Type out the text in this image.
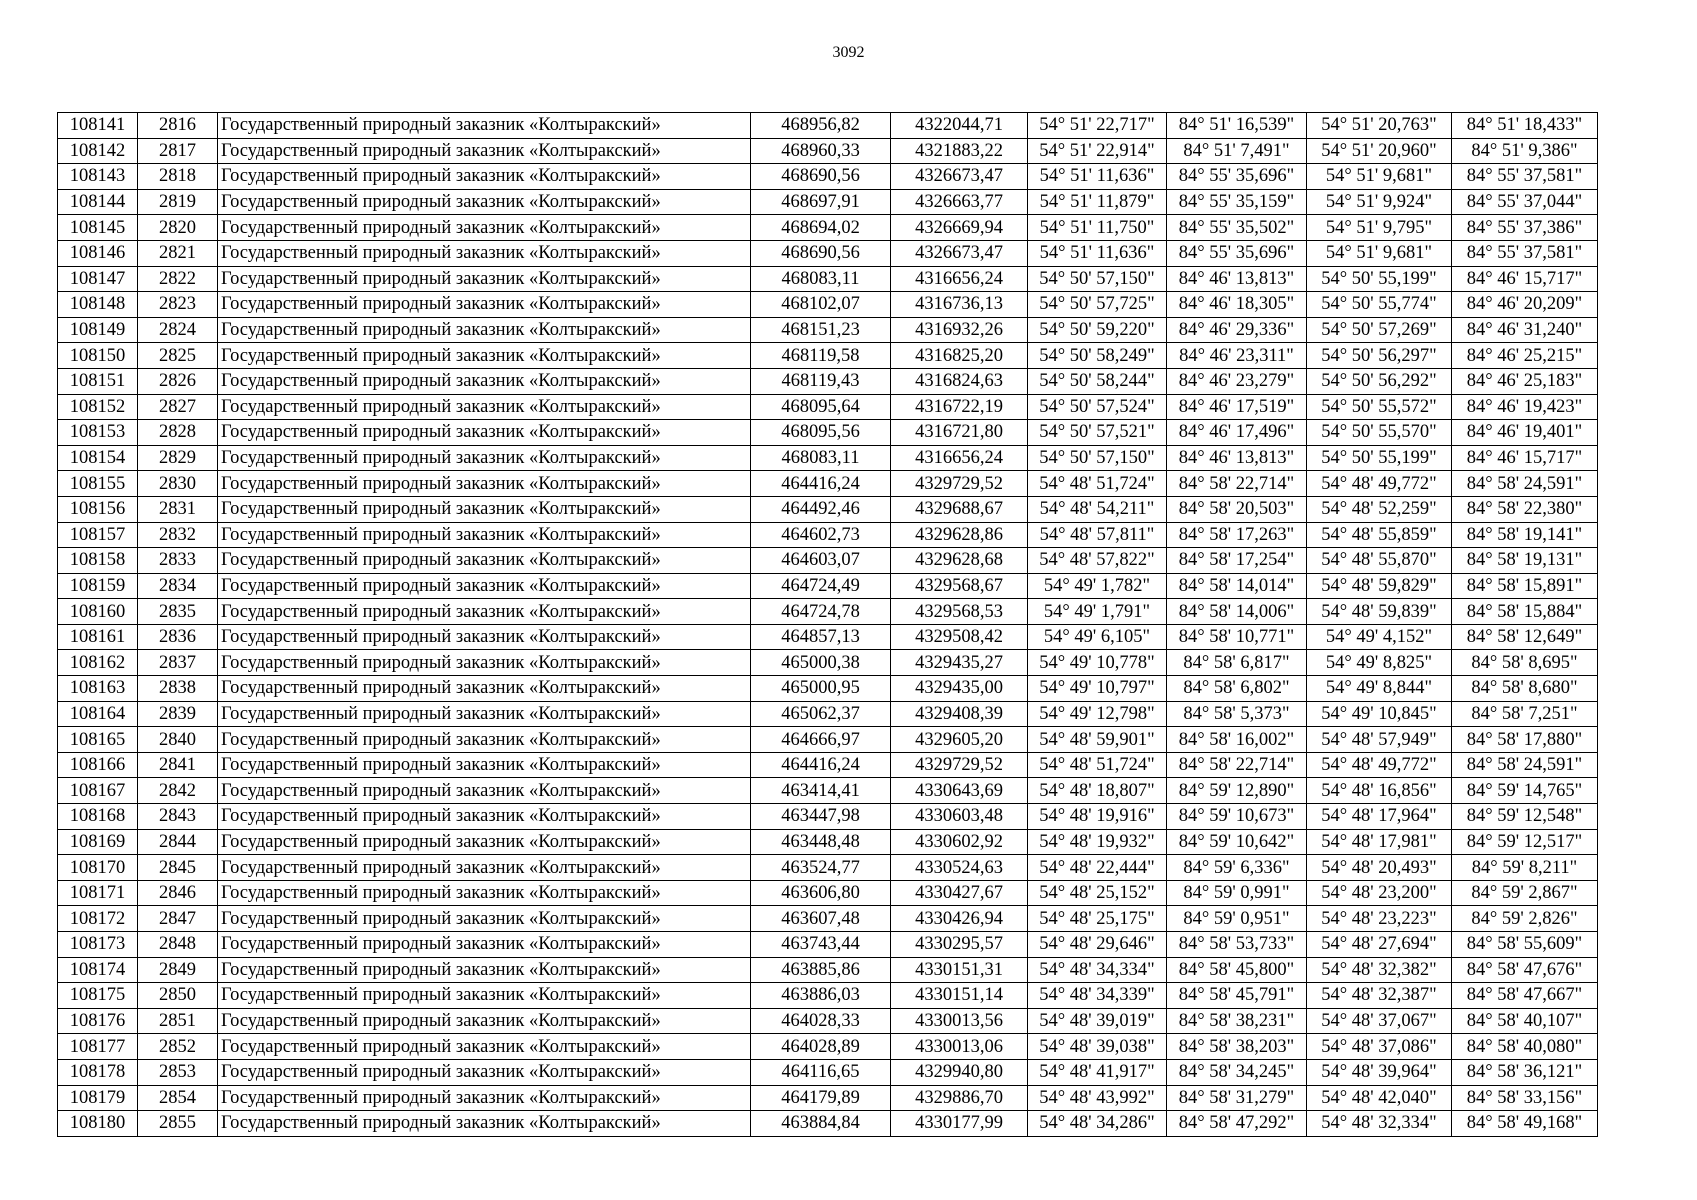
3092
108141	2816	Государственный природный заказник «Колтыракский»	468956,82	4322044,71	54° 51' 22,717"	84° 51' 16,539"	54° 51' 20,763"	84° 51' 18,433"
108142	2817	Государственный природный заказник «Колтыракский»	468960,33	4321883,22	54° 51' 22,914"	84° 51' 7,491"	54° 51' 20,960"	84° 51' 9,386"
108143	2818	Государственный природный заказник «Колтыракский»	468690,56	4326673,47	54° 51' 11,636"	84° 55' 35,696"	54° 51' 9,681"	84° 55' 37,581"
108144	2819	Государственный природный заказник «Колтыракский»	468697,91	4326663,77	54° 51' 11,879"	84° 55' 35,159"	54° 51' 9,924"	84° 55' 37,044"
108145	2820	Государственный природный заказник «Колтыракский»	468694,02	4326669,94	54° 51' 11,750"	84° 55' 35,502"	54° 51' 9,795"	84° 55' 37,386"
108146	2821	Государственный природный заказник «Колтыракский»	468690,56	4326673,47	54° 51' 11,636"	84° 55' 35,696"	54° 51' 9,681"	84° 55' 37,581"
108147	2822	Государственный природный заказник «Колтыракский»	468083,11	4316656,24	54° 50' 57,150"	84° 46' 13,813"	54° 50' 55,199"	84° 46' 15,717"
108148	2823	Государственный природный заказник «Колтыракский»	468102,07	4316736,13	54° 50' 57,725"	84° 46' 18,305"	54° 50' 55,774"	84° 46' 20,209"
108149	2824	Государственный природный заказник «Колтыракский»	468151,23	4316932,26	54° 50' 59,220"	84° 46' 29,336"	54° 50' 57,269"	84° 46' 31,240"
108150	2825	Государственный природный заказник «Колтыракский»	468119,58	4316825,20	54° 50' 58,249"	84° 46' 23,311"	54° 50' 56,297"	84° 46' 25,215"
108151	2826	Государственный природный заказник «Колтыракский»	468119,43	4316824,63	54° 50' 58,244"	84° 46' 23,279"	54° 50' 56,292"	84° 46' 25,183"
108152	2827	Государственный природный заказник «Колтыракский»	468095,64	4316722,19	54° 50' 57,524"	84° 46' 17,519"	54° 50' 55,572"	84° 46' 19,423"
108153	2828	Государственный природный заказник «Колтыракский»	468095,56	4316721,80	54° 50' 57,521"	84° 46' 17,496"	54° 50' 55,570"	84° 46' 19,401"
108154	2829	Государственный природный заказник «Колтыракский»	468083,11	4316656,24	54° 50' 57,150"	84° 46' 13,813"	54° 50' 55,199"	84° 46' 15,717"
108155	2830	Государственный природный заказник «Колтыракский»	464416,24	4329729,52	54° 48' 51,724"	84° 58' 22,714"	54° 48' 49,772"	84° 58' 24,591"
108156	2831	Государственный природный заказник «Колтыракский»	464492,46	4329688,67	54° 48' 54,211"	84° 58' 20,503"	54° 48' 52,259"	84° 58' 22,380"
108157	2832	Государственный природный заказник «Колтыракский»	464602,73	4329628,86	54° 48' 57,811"	84° 58' 17,263"	54° 48' 55,859"	84° 58' 19,141"
108158	2833	Государственный природный заказник «Колтыракский»	464603,07	4329628,68	54° 48' 57,822"	84° 58' 17,254"	54° 48' 55,870"	84° 58' 19,131"
108159	2834	Государственный природный заказник «Колтыракский»	464724,49	4329568,67	54° 49' 1,782"	84° 58' 14,014"	54° 48' 59,829"	84° 58' 15,891"
108160	2835	Государственный природный заказник «Колтыракский»	464724,78	4329568,53	54° 49' 1,791"	84° 58' 14,006"	54° 48' 59,839"	84° 58' 15,884"
108161	2836	Государственный природный заказник «Колтыракский»	464857,13	4329508,42	54° 49' 6,105"	84° 58' 10,771"	54° 49' 4,152"	84° 58' 12,649"
108162	2837	Государственный природный заказник «Колтыракский»	465000,38	4329435,27	54° 49' 10,778"	84° 58' 6,817"	54° 49' 8,825"	84° 58' 8,695"
108163	2838	Государственный природный заказник «Колтыракский»	465000,95	4329435,00	54° 49' 10,797"	84° 58' 6,802"	54° 49' 8,844"	84° 58' 8,680"
108164	2839	Государственный природный заказник «Колтыракский»	465062,37	4329408,39	54° 49' 12,798"	84° 58' 5,373"	54° 49' 10,845"	84° 58' 7,251"
108165	2840	Государственный природный заказник «Колтыракский»	464666,97	4329605,20	54° 48' 59,901"	84° 58' 16,002"	54° 48' 57,949"	84° 58' 17,880"
108166	2841	Государственный природный заказник «Колтыракский»	464416,24	4329729,52	54° 48' 51,724"	84° 58' 22,714"	54° 48' 49,772"	84° 58' 24,591"
108167	2842	Государственный природный заказник «Колтыракский»	463414,41	4330643,69	54° 48' 18,807"	84° 59' 12,890"	54° 48' 16,856"	84° 59' 14,765"
108168	2843	Государственный природный заказник «Колтыракский»	463447,98	4330603,48	54° 48' 19,916"	84° 59' 10,673"	54° 48' 17,964"	84° 59' 12,548"
108169	2844	Государственный природный заказник «Колтыракский»	463448,48	4330602,92	54° 48' 19,932"	84° 59' 10,642"	54° 48' 17,981"	84° 59' 12,517"
108170	2845	Государственный природный заказник «Колтыракский»	463524,77	4330524,63	54° 48' 22,444"	84° 59' 6,336"	54° 48' 20,493"	84° 59' 8,211"
108171	2846	Государственный природный заказник «Колтыракский»	463606,80	4330427,67	54° 48' 25,152"	84° 59' 0,991"	54° 48' 23,200"	84° 59' 2,867"
108172	2847	Государственный природный заказник «Колтыракский»	463607,48	4330426,94	54° 48' 25,175"	84° 59' 0,951"	54° 48' 23,223"	84° 59' 2,826"
108173	2848	Государственный природный заказник «Колтыракский»	463743,44	4330295,57	54° 48' 29,646"	84° 58' 53,733"	54° 48' 27,694"	84° 58' 55,609"
108174	2849	Государственный природный заказник «Колтыракский»	463885,86	4330151,31	54° 48' 34,334"	84° 58' 45,800"	54° 48' 32,382"	84° 58' 47,676"
108175	2850	Государственный природный заказник «Колтыракский»	463886,03	4330151,14	54° 48' 34,339"	84° 58' 45,791"	54° 48' 32,387"	84° 58' 47,667"
108176	2851	Государственный природный заказник «Колтыракский»	464028,33	4330013,56	54° 48' 39,019"	84° 58' 38,231"	54° 48' 37,067"	84° 58' 40,107"
108177	2852	Государственный природный заказник «Колтыракский»	464028,89	4330013,06	54° 48' 39,038"	84° 58' 38,203"	54° 48' 37,086"	84° 58' 40,080"
108178	2853	Государственный природный заказник «Колтыракский»	464116,65	4329940,80	54° 48' 41,917"	84° 58' 34,245"	54° 48' 39,964"	84° 58' 36,121"
108179	2854	Государственный природный заказник «Колтыракский»	464179,89	4329886,70	54° 48' 43,992"	84° 58' 31,279"	54° 48' 42,040"	84° 58' 33,156"
108180	2855	Государственный природный заказник «Колтыракский»	463884,84	4330177,99	54° 48' 34,286"	84° 58' 47,292"	54° 48' 32,334"	84° 58' 49,168"
